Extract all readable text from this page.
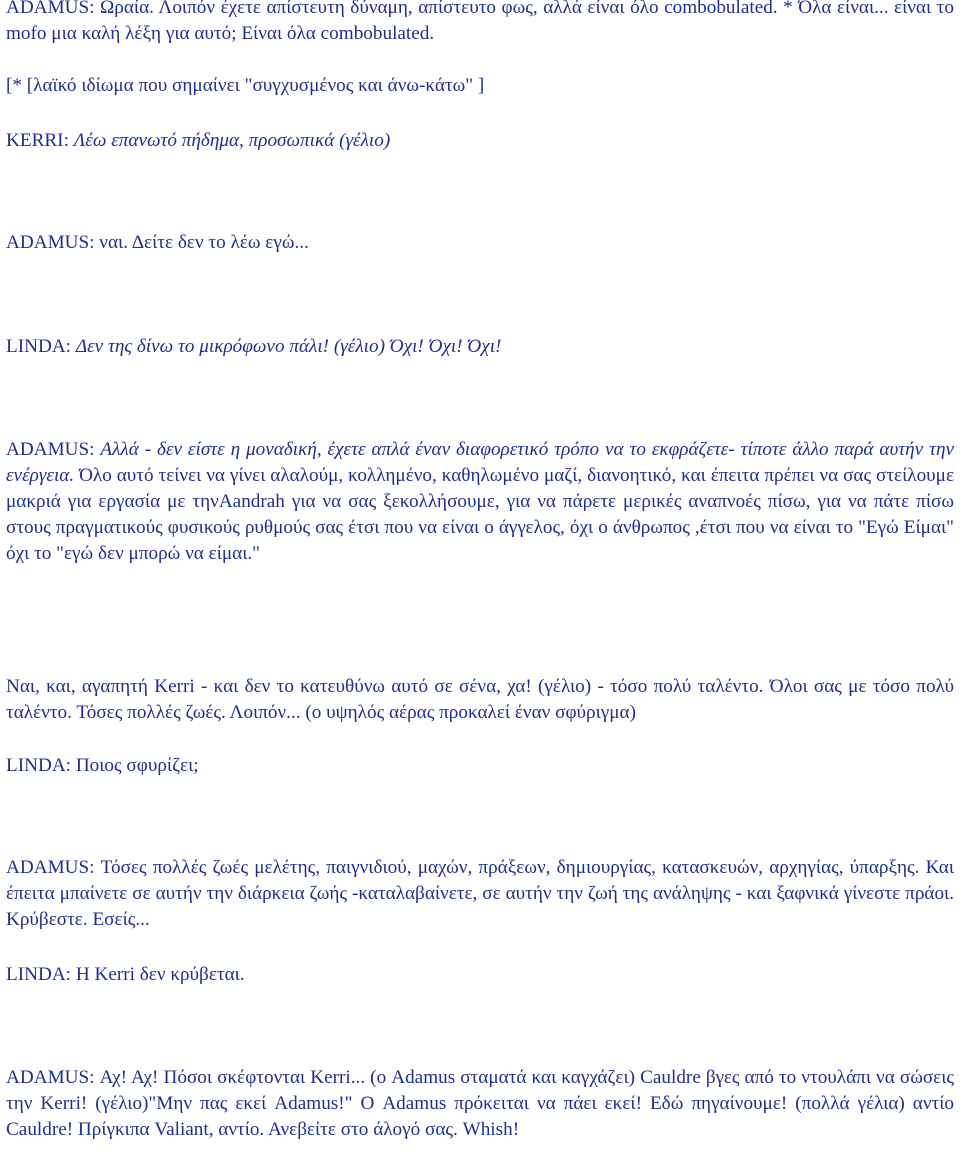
ADAMUS: Ωραία. Λοιπόν έχετε απίστευτη δύναμη, απίστευτο φως, αλλά είναι όλο combobulated. * Όλα είναι... είναι το mofo μια καλή λέξη για αυτό; Είναι όλα combobulated.

[* [λαϊκό ιδίωμα που σημαίνει "συγχυσμένος και άνω-κάτω" ]

KERRI: Λέω επανωτό πήδημα, προσωπικά (γέλιο)

ADAMUS: ναι. Δείτε δεν το λέω εγώ...

LINDA: Δεν της δίνω το μικρόφωνο πάλι! (γέλιο) Όχι! Όχι! Όχι!

ADAMUS: Αλλά - δεν είστε η μοναδική, έχετε απλά έναν διαφορετικό τρόπο να το εκφράζετε- τίποτε άλλο παρά αυτήν την ενέργεια. Όλο αυτό τείνει να γίνει αλαλούμ, κολλημένο, καθηλωμένο μαζί, διανοητικό, και έπειτα πρέπει να σας στείλουμε μακριά για εργασία με τηνAandrah για να σας ξεκολλήσουμε, για να πάρετε μερικές αναπνοές πίσω, για να πάτε πίσω στους πραγματικούς φυσικούς ρυθμούς σας έτσι που να είναι ο άγγελος, όχι ο άνθρωπος ,έτσι που να είναι το "Εγώ Είμαι" όχι το "εγώ δεν μπορώ να είμαι."

Ναι, και, αγαπητή Kerri - και δεν το κατευθύνω αυτό σε σένα, χα! (γέλιο) - τόσο πολύ ταλέντο. Όλοι σας με τόσο πολύ ταλέντο. Τόσες πολλές ζωές. Λοιπόν... (ο υψηλός αέρας προκαλεί έναν σφύριγμα)

LINDA: Ποιος σφυρίζει;

ADAMUS: Τόσες πολλές ζωές μελέτης, παιγνιδιού, μαχών, πράξεων, δημιουργίας, κατασκευών, αρχηγίας, ύπαρξης. Και έπειτα μπαίνετε σε αυτήν την διάρκεια ζωής -καταλαβαίνετε, σε αυτήν την ζωή της ανάληψης - και ξαφνικά γίνεστε πράοι. Κρύβεστε. Εσείς...

LINDA: Η Kerri δεν κρύβεται.

ADAMUS: Αχ! Αχ! Πόσοι σκέφτονται Kerri... (ο Adamus σταματά και καγχάζει) Cauldre βγες από το ντουλάπι να σώσεις την Kerri! (γέλιο)"Μην πας εκεί Adamus!" Ο Adamus πρόκειται να πάει εκεί! Εδώ πηγαίνουμε! (πολλά γέλια) αντίο Cauldre! Πρίγκιπα Valiant, αντίο. Ανεβείτε στο άλογό σας. Whish!
